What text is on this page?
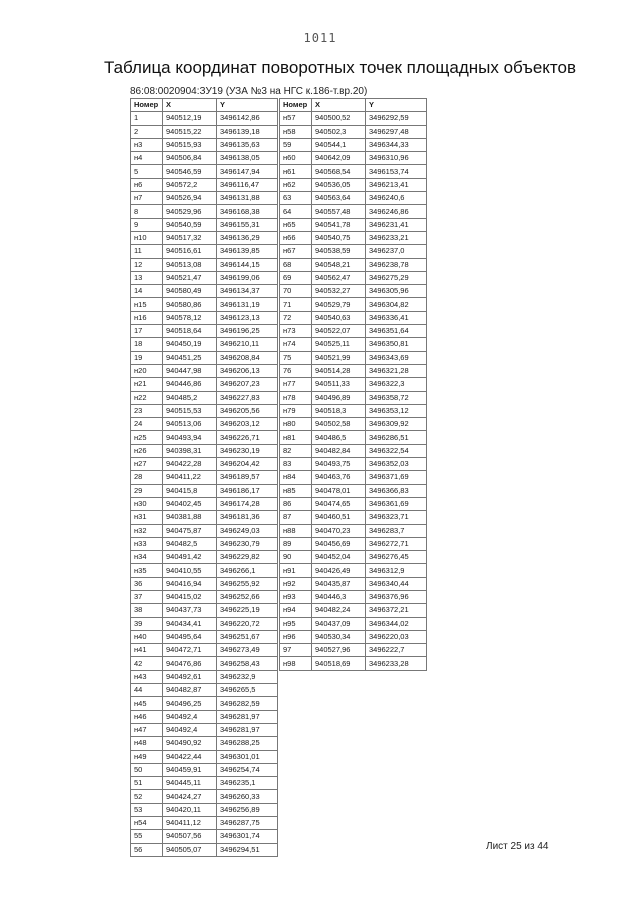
1011
Таблица координат поворотных точек площадных объектов
86:08:0020904:ЗУ19 (УЗА №3 на НГС к.186-т.вр.20)
Номер	X	Y
1	940512,19	3496142,86
2	940515,22	3496139,18
н3	940515,93	3496135,63
н4	940506,84	3496138,05
5	940546,59	3496147,94
н6	940572,2	3496116,47
н7	940526,94	3496131,88
8	940529,96	3496168,38
9	940540,59	3496155,31
н10	940517,32	3496136,29
11	940516,61	3496139,85
12	940513,08	3496144,15
13	940521,47	3496199,06
14	940580,49	3496134,37
н15	940580,86	3496131,19
н16	940578,12	3496123,13
17	940518,64	3496196,25
18	940450,19	3496210,11
19	940451,25	3496208,84
н20	940447,98	3496206,13
н21	940446,86	3496207,23
н22	940485,2	3496227,83
23	940515,53	3496205,56
24	940513,06	3496203,12
н25	940493,94	3496226,71
н26	940398,31	3496230,19
н27	940422,28	3496204,42
28	940411,22	3496189,57
29	940415,8	3496186,17
н30	940402,45	3496174,28
н31	940381,88	3496181,36
н32	940475,87	3496249,03
н33	940482,5	3496230,79
н34	940491,42	3496229,82
н35	940410,55	3496266,1
36	940416,94	3496255,92
37	940415,02	3496252,66
38	940437,73	3496225,19
39	940434,41	3496220,72
н40	940495,64	3496251,67
н41	940472,71	3496273,49
42	940476,86	3496258,43
н43	940492,61	3496232,9
44	940482,87	3496265,5
н45	940496,25	3496282,59
н46	940492,4	3496281,97
н47	940492,4	3496281,97
н48	940490,92	3496288,25
н49	940422,44	3496301,01
50	940459,91	3496254,74
51	940445,11	3496235,1
52	940424,27	3496260,33
53	940420,11	3496256,89
н54	940411,12	3496287,75
55	940507,56	3496301,74
56	940505,07	3496294,51
Номер	X	Y
н57	940500,52	3496292,59
н58	940502,3	3496297,48
59	940544,1	3496344,33
н60	940642,09	3496310,96
н61	940568,54	3496153,74
н62	940536,05	3496213,41
63	940563,64	3496240,6
64	940557,48	3496246,86
н65	940541,78	3496231,41
н66	940540,75	3496233,21
н67	940538,59	3496237,0
68	940548,21	3496238,78
69	940562,47	3496275,29
70	940532,27	3496305,96
71	940529,79	3496304,82
72	940540,63	3496336,41
н73	940522,07	3496351,64
н74	940525,11	3496350,81
75	940521,99	3496343,69
76	940514,28	3496321,28
н77	940511,33	3496322,3
н78	940496,89	3496358,72
н79	940518,3	3496353,12
н80	940502,58	3496309,92
н81	940486,5	3496286,51
82	940482,84	3496322,54
83	940493,75	3496352,03
н84	940463,76	3496371,69
н85	940478,01	3496366,83
86	940474,65	3496361,69
87	940460,51	3496323,71
н88	940470,23	3496283,7
89	940456,69	3496272,71
90	940452,04	3496276,45
н91	940426,49	3496312,9
н92	940435,87	3496340,44
н93	940446,3	3496376,96
н94	940482,24	3496372,21
н95	940437,09	3496344,02
н96	940530,34	3496220,03
97	940527,96	3496222,7
н98	940518,69	3496233,28
Лист 25 из 44
